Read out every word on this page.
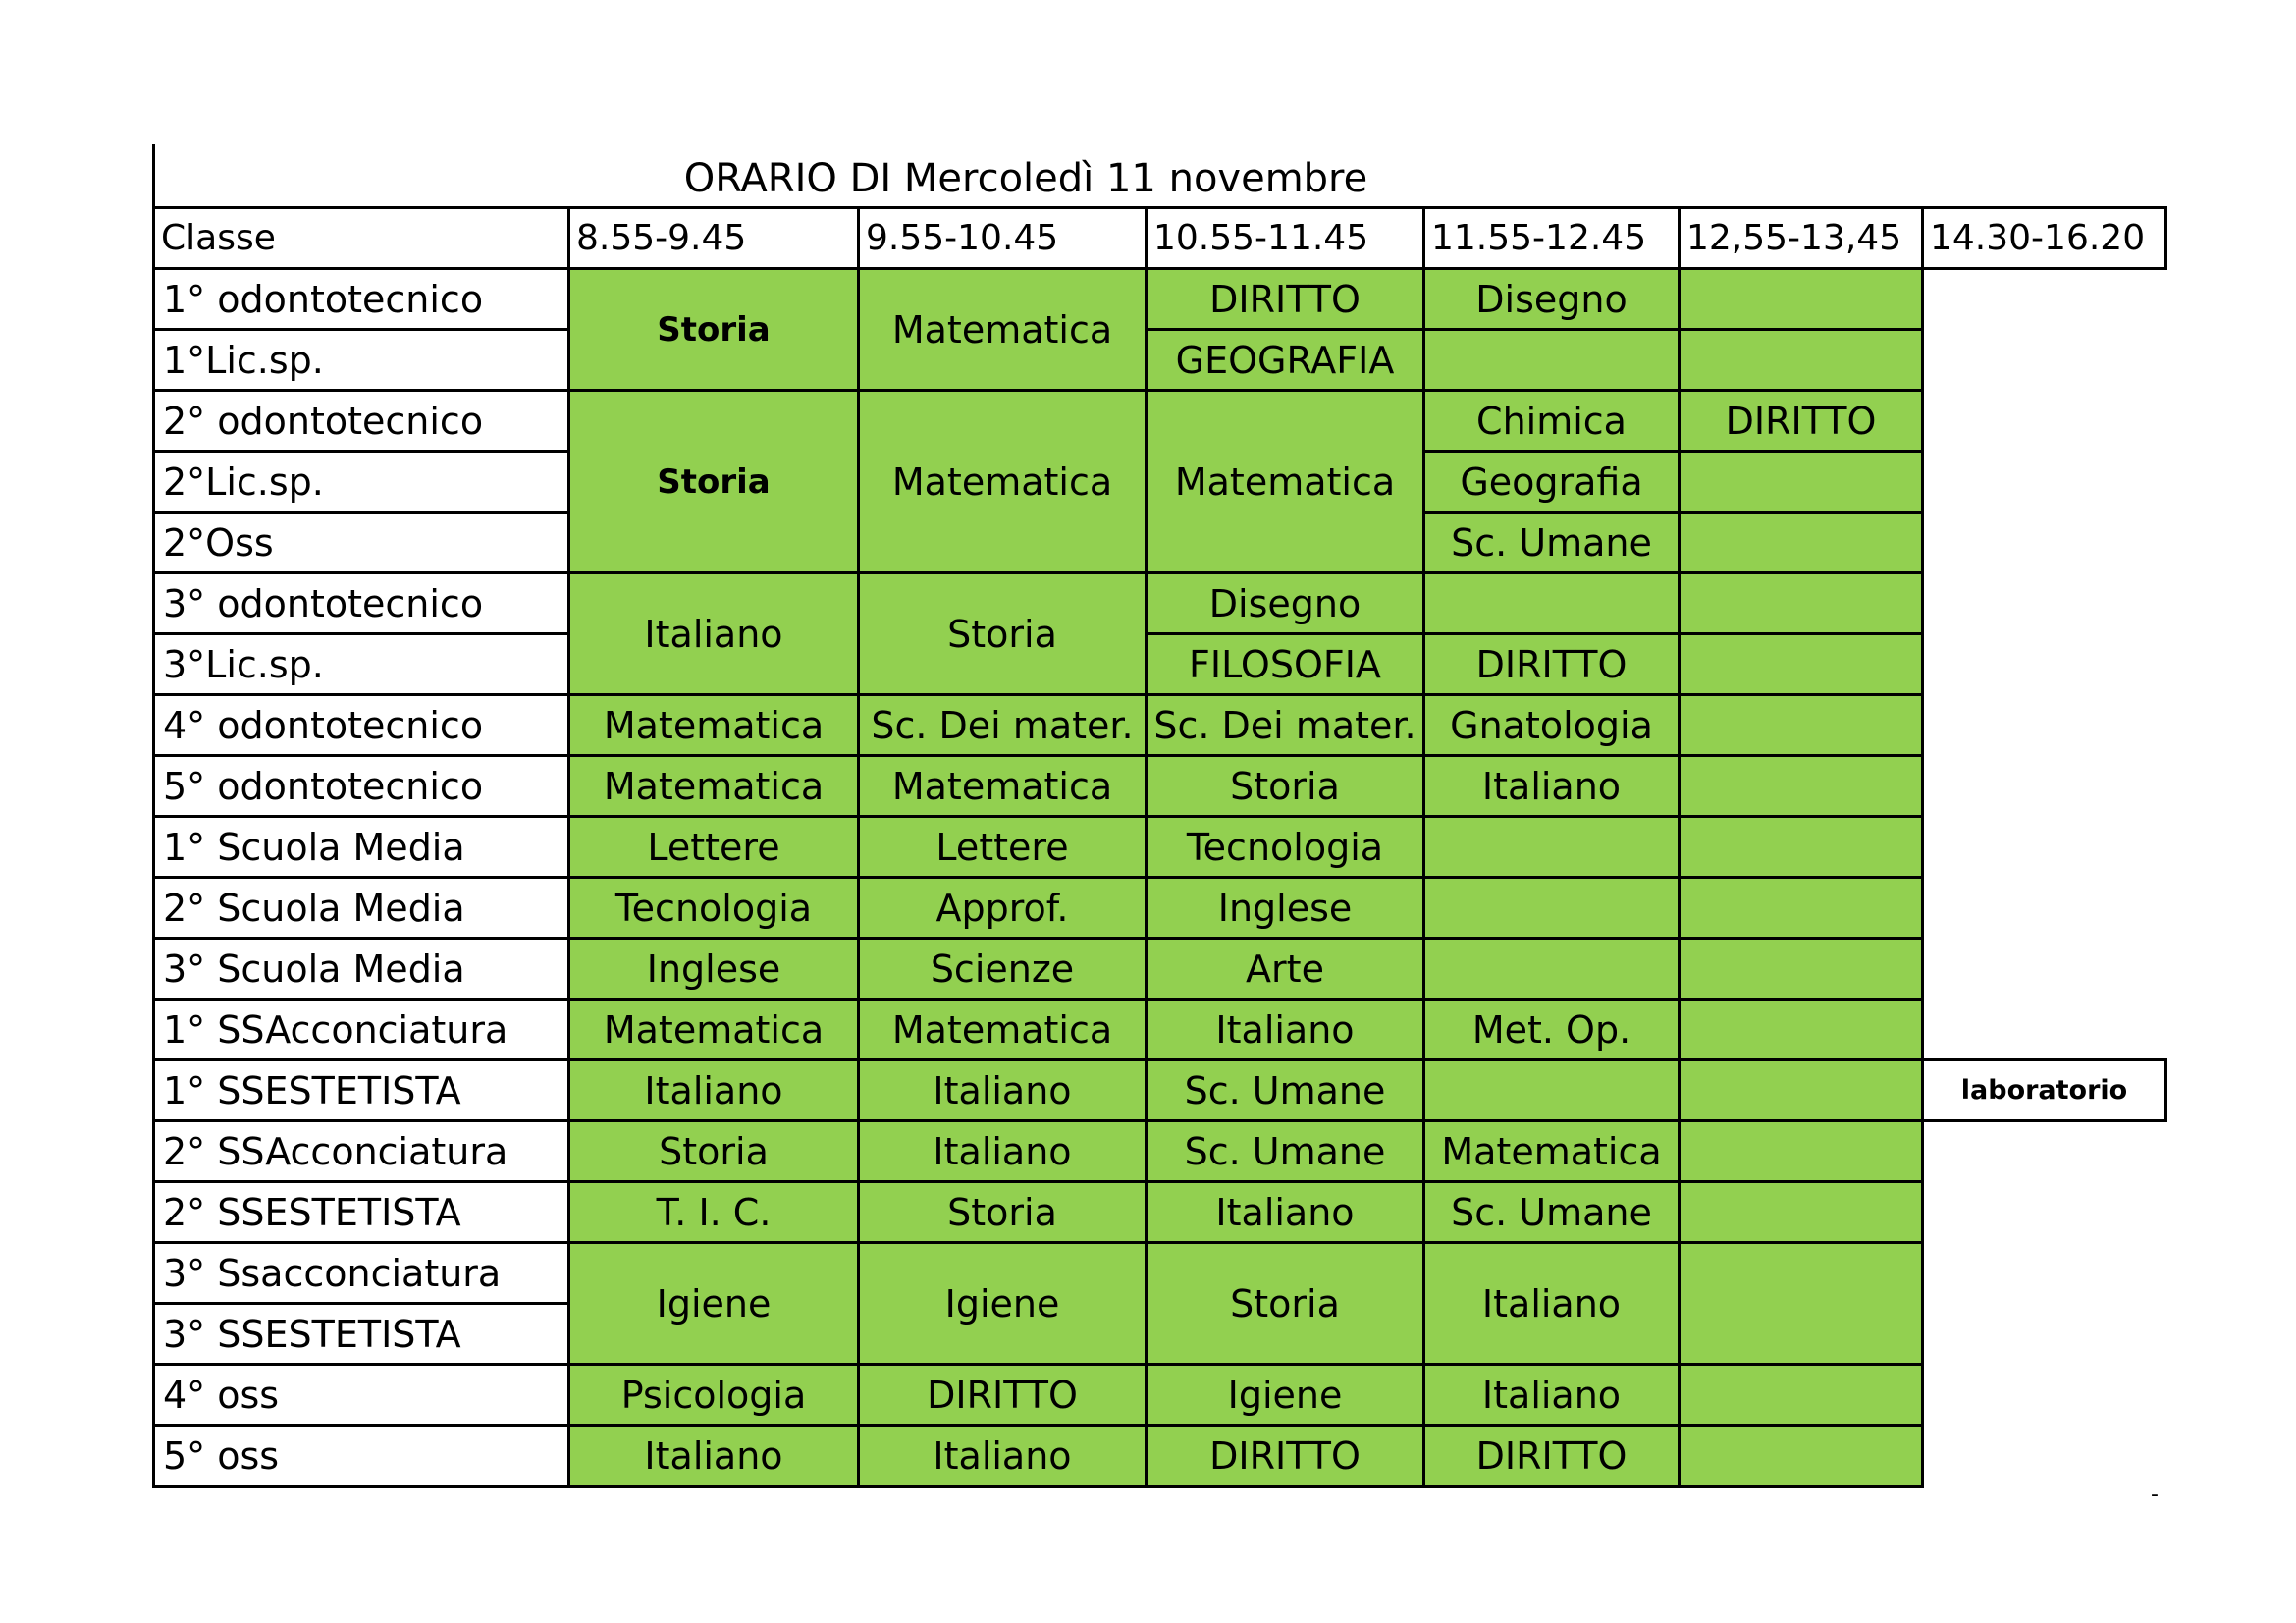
ORARIO DI Mercoledì 11 novembre
Classe	8.55-9.45	9.55-10.45	10.55-11.45	11.55-12.45	12,55-13,45	14.30-16.20
1° odontotecnico	Storia	Matematica	DIRITTO	Disegno		
1°Lic.sp.			GEOGRAFIA			
2° odontotecnico	Storia	Matematica	Matematica	Chimica	DIRITTO	
2°Lic.sp.				Geografia		
2°Oss				Sc. Umane		
3° odontotecnico	Italiano	Storia	Disegno			
3°Lic.sp.			FILOSOFIA	DIRITTO		
4° odontotecnico	Matematica	Sc. Dei mater.	Sc. Dei mater.	Gnatologia		
5° odontotecnico	Matematica	Matematica	Storia	Italiano		
1° Scuola Media	Lettere	Lettere	Tecnologia			
2° Scuola Media	Tecnologia	Approf.	Inglese			
3° Scuola Media	Inglese	Scienze	Arte			
1° SSAcconciatura	Matematica	Matematica	Italiano	Met. Op.		
1° SSESTETISTA	Italiano	Italiano	Sc. Umane			laboratorio
2° SSAcconciatura	Storia	Italiano	Sc. Umane	Matematica		
2° SSESTETISTA	T. I. C.	Storia	Italiano	Sc. Umane		
3° Ssacconciatura	Igiene	Igiene	Storia	Italiano		
3° SSESTETISTA						
4° oss	Psicologia	DIRITTO	Igiene	Italiano		
5° oss	Italiano	Italiano	DIRITTO	DIRITTO		
-
